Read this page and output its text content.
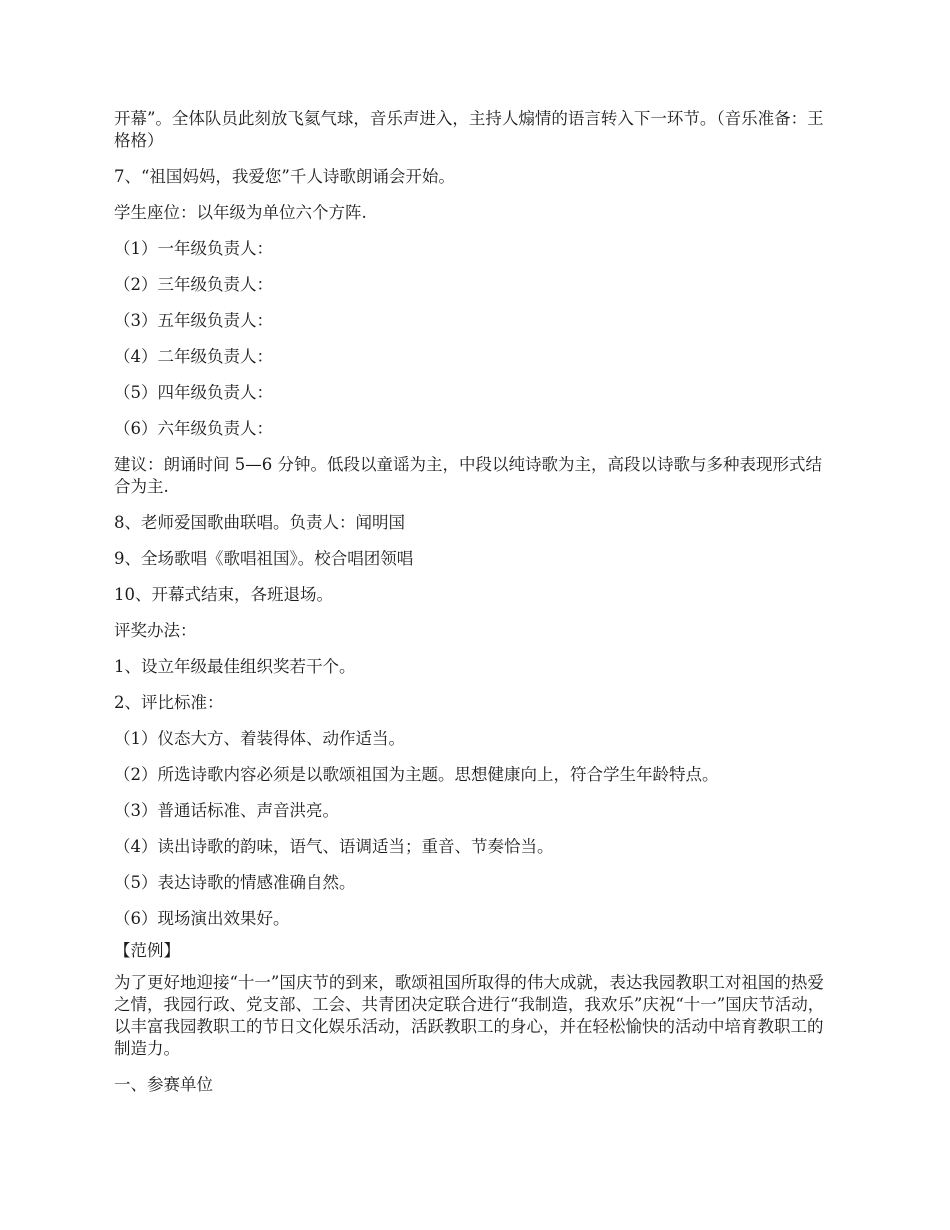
开幕”。全体队员此刻放飞氦气球，音乐声进入，主持人煽情的语言转入下一环节。（音乐准备：王格格）

7、“祖国妈妈，我爱您”千人诗歌朗诵会开始。

学生座位：以年级为单位六个方阵.

（1）一年级负责人：

（2）三年级负责人：

（3）五年级负责人：

（4）二年级负责人：

（5）四年级负责人：

（6）六年级负责人：

建议：朗诵时间 5—6 分钟。低段以童谣为主，中段以纯诗歌为主，高段以诗歌与多种表现形式结合为主.

8、老师爱国歌曲联唱。负责人：闻明国

9、全场歌唱《歌唱祖国》。校合唱团领唱

10、开幕式结束，各班退场。

评奖办法：

1、设立年级最佳组织奖若干个。

2、评比标准：

（1）仪态大方、着装得体、动作适当。

（2）所选诗歌内容必须是以歌颂祖国为主题。思想健康向上，符合学生年龄特点。

（3）普通话标准、声音洪亮。

（4）读出诗歌的韵味，语气、语调适当；重音、节奏恰当。

（5）表达诗歌的情感准确自然。

（6）现场演出效果好。

【范例】

为了更好地迎接“十一”国庆节的到来，歌颂祖国所取得的伟大成就，表达我园教职工对祖国的热爱之情，我园行政、党支部、工会、共青团决定联合进行“我制造，我欢乐”庆祝“十一”国庆节活动，以丰富我园教职工的节日文化娱乐活动，活跃教职工的身心，并在轻松愉快的活动中培育教职工的制造力。

一、参赛单位
